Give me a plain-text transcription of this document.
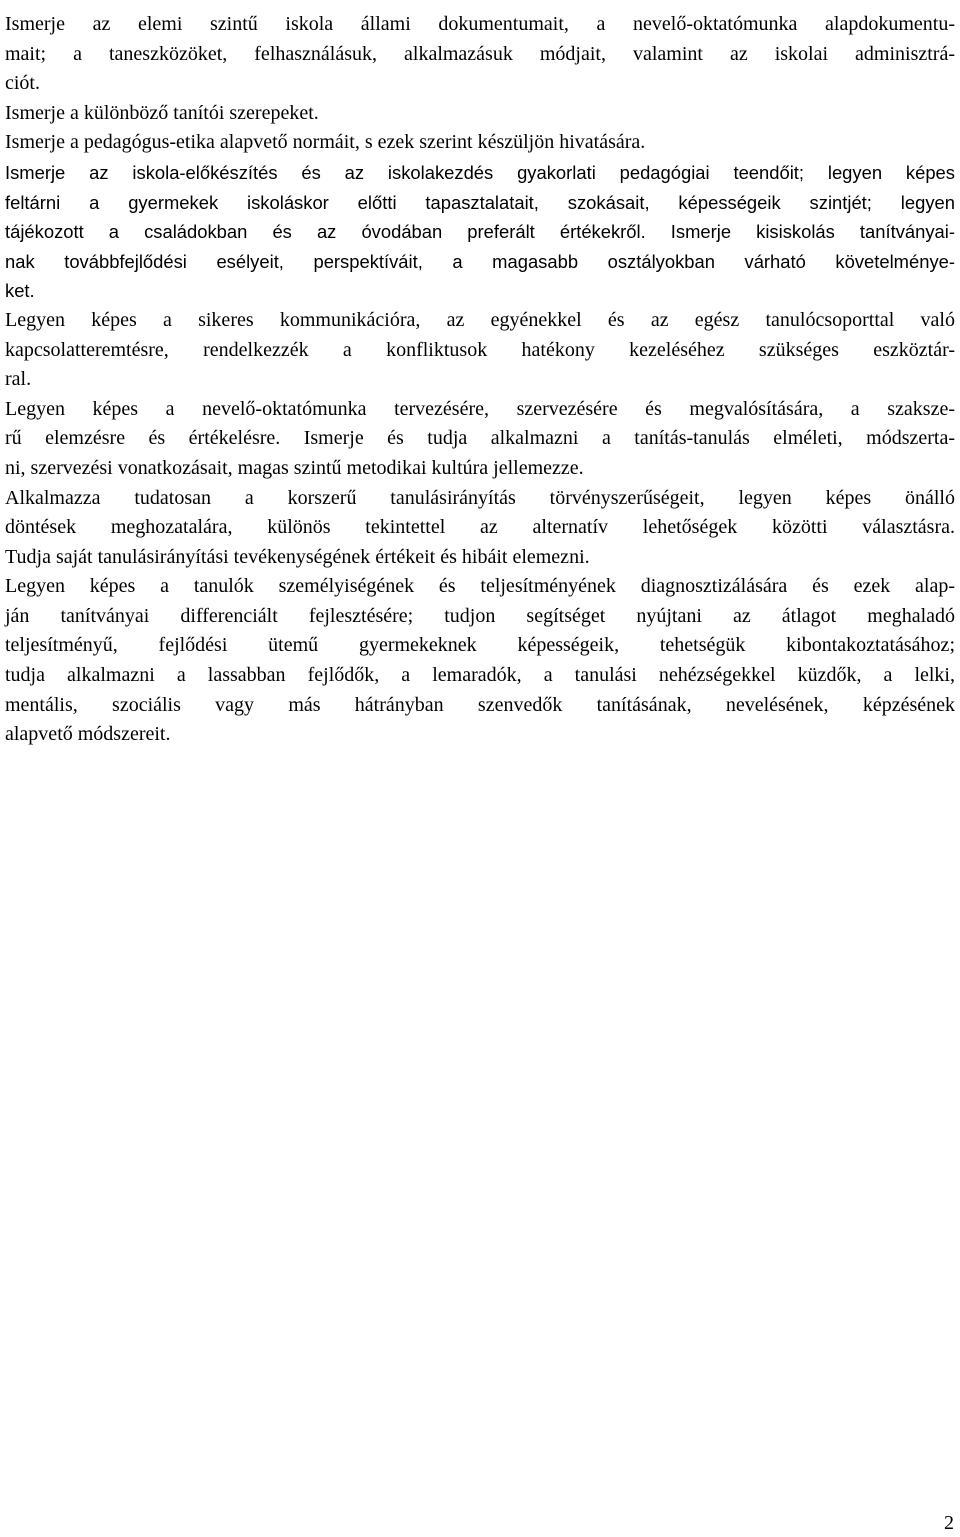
Ismerje az elemi szintű iskola állami dokumentumait, a nevelő-oktatómunka alapdokumentu-
mait; a taneszközöket, felhasználásuk, alkalmazásuk módjait, valamint az iskolai adminisztrá-
ciót.
Ismerje a különböző tanítói szerepeket.
Ismerje a pedagógus-etika alapvető normáit, s ezek szerint készüljön hivatására.
Ismerje az iskola-előkészítés és az iskolakezdés gyakorlati pedagógiai teendőit; legyen képes
feltárni a gyermekek iskoláskor előtti tapasztalatait, szokásait, képességeik szintjét; legyen
tájékozott a családokban és az óvodában preferált értékekről. Ismerje kisiskolás tanítványai-
nak továbbfejlődési esélyeit, perspektíváit, a magasabb osztályokban várható követelménye-
ket.
Legyen képes a sikeres kommunikációra, az egyénekkel és az egész tanulócsoporttal való
kapcsolatteremtésre, rendelkezzék a konfliktusok hatékony kezeléséhez szükséges eszköztár-
ral.
Legyen képes a nevelő-oktatómunka tervezésére, szervezésére és megvalósítására, a szaksze-
rű elemzésre és értékelésre. Ismerje és tudja alkalmazni a tanítás-tanulás elméleti, módszerta-
ni, szervezési vonatkozásait, magas szintű metodikai kultúra jellemezze.
Alkalmazza tudatosan a korszerű tanulásirányítás törvényszerűségeit, legyen képes önálló
döntések meghozatalára, különös tekintettel az alternatív lehetőségek közötti választásra.
Tudja saját tanulásirányítási tevékenységének értékeit és hibáit elemezni.
Legyen képes a tanulók személyiségének és teljesítményének diagnosztizálására és ezek alap-
ján tanítványai differenciált fejlesztésére; tudjon segítséget nyújtani az átlagot meghaladó
teljesítményű, fejlődési ütemű gyermekeknek képességeik, tehetségük kibontakoztatásához;
tudja alkalmazni a lassabban fejlődők, a lemaradók, a tanulási nehézségekkel küzdők, a lelki,
mentális, szociális vagy más hátrányban szenvedők tanításának, nevelésének, képzésének
alapvető módszereit.
2
